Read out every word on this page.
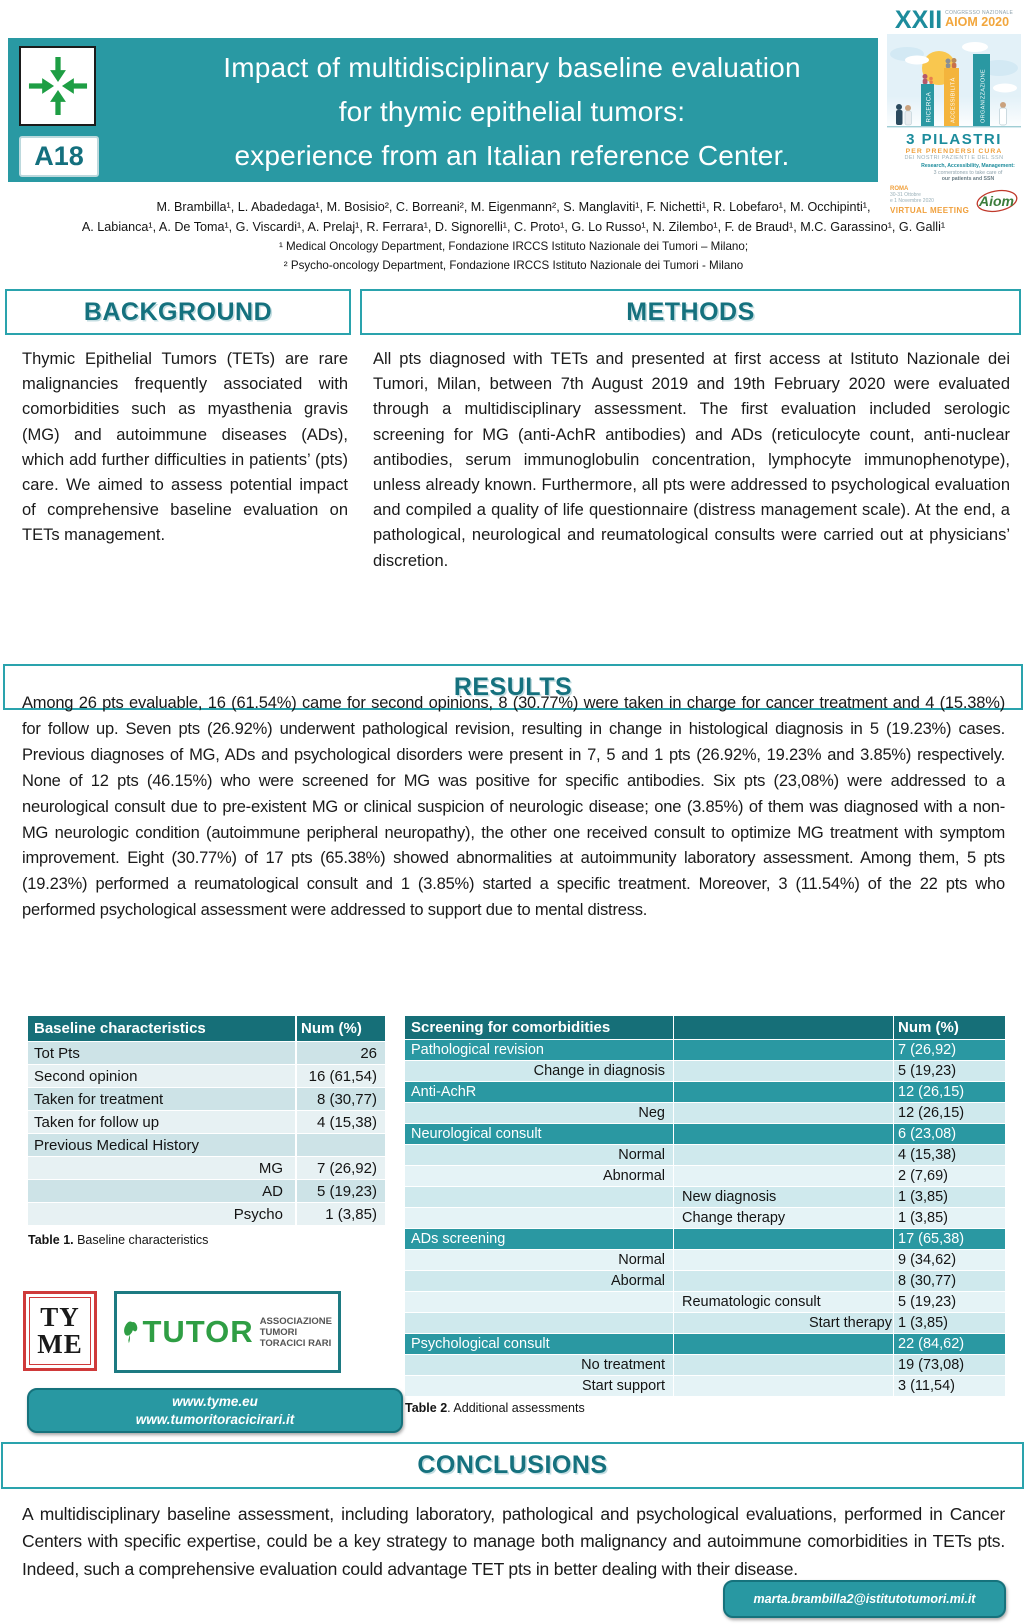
Impact of multidisciplinary baseline evaluation
for thymic epithelial tumors:
experience from an Italian reference Center.
A18
XXII CONGRESSO NAZIONALE
AIOM 2020
RICERCA	ACCESSIBILITÀ	ORGANIZZAZIONE
3 PILASTRI
PER PRENDERSI CURA
DEI NOSTRI PAZIENTI E DEL SSN
Research, Accessibility, Management:
3 cornerstones to take care of
our patients and SSN
ROMA
30-31 Ottobre
e 1 Novembre 2020
VIRTUAL MEETING
Aiom
M. Brambilla¹, L. Abadedaga¹, M. Bosisio², C. Borreani², M. Eigenmann², S. Manglaviti¹, F. Nichetti¹, R. Lobefaro¹, M. Occhipinti¹,
A. Labianca¹, A. De Toma¹, G. Viscardi¹, A. Prelaj¹, R. Ferrara¹, D. Signorelli¹, C. Proto¹, G. Lo Russo¹, N. Zilembo¹, F. de Braud¹, M.C. Garassino¹, G. Galli¹
¹ Medical Oncology Department, Fondazione IRCCS Istituto Nazionale dei Tumori – Milano;
² Psycho-oncology Department, Fondazione IRCCS Istituto Nazionale dei Tumori - Milano
BACKGROUND	METHODS
RESULTS
CONCLUSIONS
Thymic Epithelial Tumors (TETs) are rare malignancies frequently associated with comorbidities such as myasthenia gravis (MG) and autoimmune diseases (ADs), which add further difficulties in patients’ (pts) care. We aimed to assess potential impact of comprehensive baseline evaluation on TETs management.
All pts diagnosed with TETs and presented at first access at Istituto Nazionale dei Tumori, Milan, between 7th August 2019 and 19th February 2020 were evaluated through a multidisciplinary assessment. The first evaluation included serologic screening for MG (anti-AchR antibodies) and ADs (reticulocyte count, anti-nuclear antibodies, serum immunoglobulin concentration, lymphocyte immunophenotype), unless already known. Furthermore, all pts were addressed to psychological evaluation and compiled a quality of life questionnaire (distress management scale). At the end, a pathological, neurological and reumatological consults were carried out at physicians’ discretion.
Among 26 pts evaluable, 16 (61.54%) came for second opinions, 8 (30.77%) were taken in charge for cancer treatment and 4 (15.38%) for follow up. Seven pts (26.92%) underwent pathological revision, resulting in change in histological diagnosis in 5 (19.23%) cases. Previous diagnoses of MG, ADs and psychological disorders were present in 7, 5 and 1 pts (26.92%, 19.23% and 3.85%) respectively. None of 12 pts (46.15%) who were screened for MG was positive for specific antibodies. Six pts (23,08%) were addressed to a neurological consult due to pre-existent MG or clinical suspicion of neurologic disease; one (3.85%) of them was diagnosed with a non-MG neurologic condition (autoimmune peripheral neuropathy), the other one received consult to optimize MG treatment with symptom improvement. Eight (30.77%) of 17 pts (65.38%) showed abnormalities at autoimmunity laboratory assessment. Among them, 5 pts (19.23%) performed a reumatological consult and 1 (3.85%) started a specific treatment. Moreover, 3 (11.54%) of the 22 pts who performed psychological assessment were addressed to support due to mental distress.
A multidisciplinary baseline assessment, including laboratory, pathological and psychological evaluations, performed in Cancer Centers with specific expertise, could be a key strategy to manage both malignancy and autoimmune comorbidities in TETs pts. Indeed, such a comprehensive evaluation could advantage TET pts in better dealing with their disease.
Baseline characteristics	Num (%)
Tot Pts	26
Second opinion	16 (61,54)
Taken for treatment	8 (30,77)
Taken for follow up	4 (15,38)
Previous Medical History
MG	7 (26,92)
AD	5 (19,23)
Psycho	1 (3,85)
Table 1. Baseline characteristics
Screening for comorbidities	Num (%)
Pathological revision	7 (26,92)
Change in diagnosis	5 (19,23)
Anti-AchR	12 (26,15)
Neg	12 (26,15)
Neurological consult	6 (23,08)
Normal	4 (15,38)
Abnormal	2 (7,69)
New diagnosis	1 (3,85)
Change therapy	1 (3,85)
ADs screening	17 (65,38)
Normal	9 (34,62)
Abormal	8 (30,77)
Reumatologic consult	5 (19,23)
Start therapy 1 (3,85)
Psychological consult	22 (84,62)
No treatment	19 (73,08)
Start support	3 (11,54)
Table 2. Additional assessments
TY
ME TUTOR ASSOCIAZIONE
TUMORI TORACICI RARI
www.tyme.eu
www.tumoritoracicirari.it
marta.brambilla2@istitutotumori.mi.it
